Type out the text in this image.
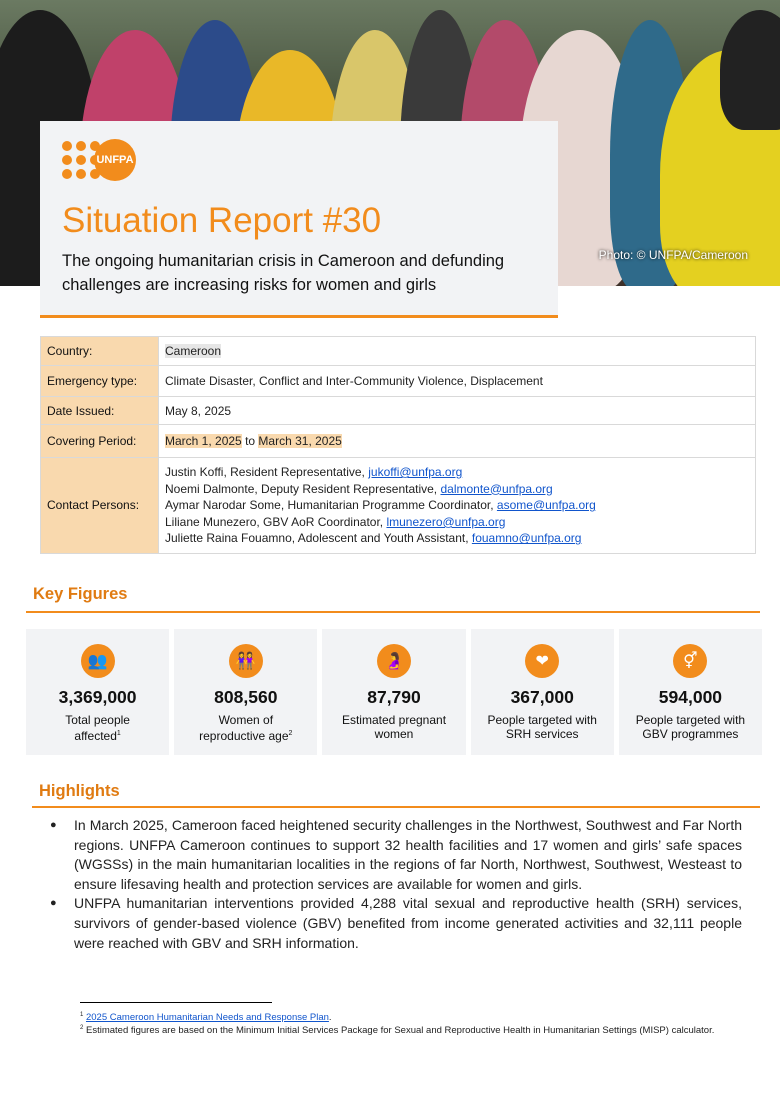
Photo: © UNFPA/Cameroon
UNFPA
Situation Report #30

The ongoing humanitarian crisis in Cameroon and defunding challenges are increasing risks for women and girls

Country:	Cameroon
Emergency type:	Climate Disaster, Conflict and Inter-Community Violence, Displacement
Date Issued:	May 8, 2025
Covering Period:	March 1, 2025 to March 31, 2025
Contact Persons:	Justin Koffi, Resident Representative, jukoffi@unfpa.org
Noemi Dalmonte, Deputy Resident Representative, dalmonte@unfpa.org
Aymar Narodar Some, Humanitarian Programme Coordinator, asome@unfpa.org
Liliane Munezero, GBV AoR Coordinator, lmunezero@unfpa.org
Juliette Raina Fouamno, Adolescent and Youth Assistant, fouamno@unfpa.org
Key Figures
👥
3,369,000
Total people affected$^1$
👭
808,560
Women of reproductive age$^2$
🤰
87,790
Estimated pregnant women
❤
367,000
People targeted with SRH services
⚥
594,000
People targeted with GBV programmes
Highlights
● In March 2025, Cameroon faced heightened security challenges in the Northwest, Southwest and Far North regions. UNFPA Cameroon continues to support 32 health facilities and 17 women and girls’ safe spaces (WGSSs) in the main humanitarian localities in the regions of far North, Northwest, Southwest, Westeast to ensure lifesaving health and protection services are available for women and girls.
● UNFPA humanitarian interventions provided 4,288 vital sexual and reproductive health (SRH) services, survivors of gender-based violence (GBV) benefited from income generated activities and 32,111 people were reached with GBV and SRH information.
$^1$ 2025 Cameroon Humanitarian Needs and Response Plan.
$^2$ Estimated figures are based on the Minimum Initial Services Package for Sexual and Reproductive Health in Humanitarian Settings (MISP) calculator.
